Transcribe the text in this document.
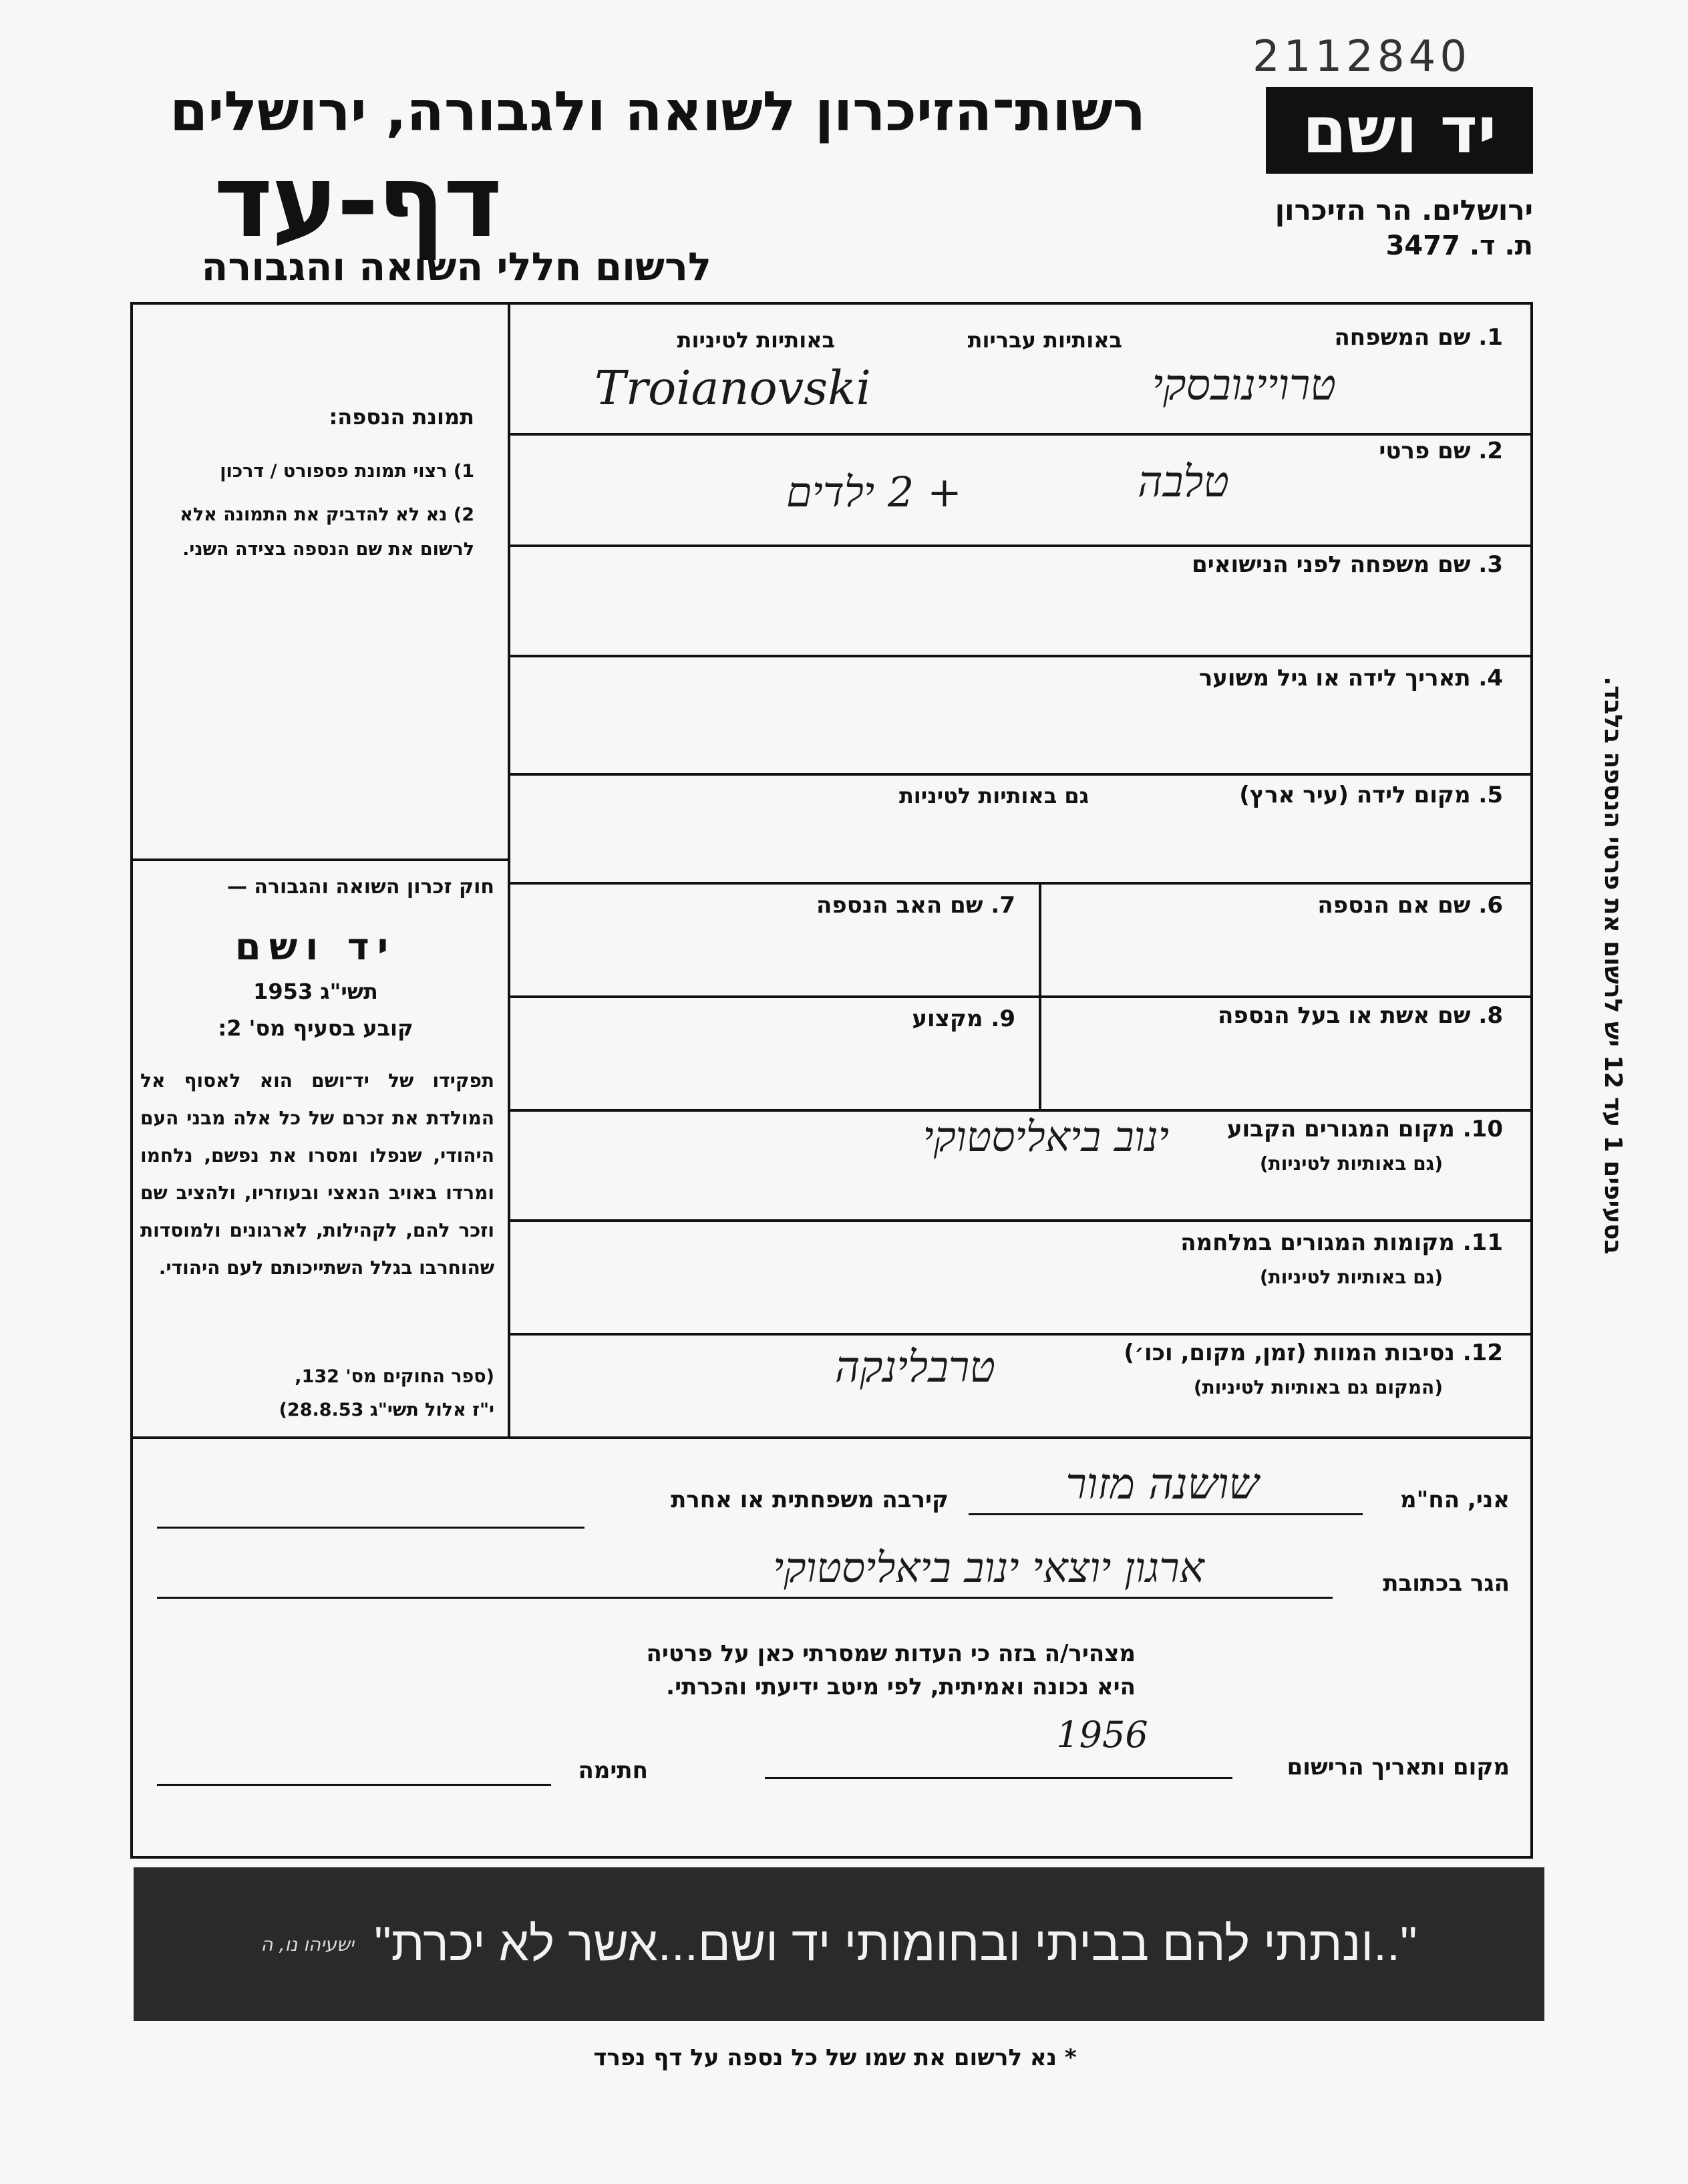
2112840
יד ושם
רשות־הזיכרון לשואה ולגבורה, ירושלים
דף-עד
לרשום חללי השואה והגבורה
ירושלים. הר הזיכרון
ת. ד. 3477
תמונת הנספה:
1) רצוי תמונת פספורט / דרכון
2) נא לא להדביק את התמונה אלא לרשום את שם הנספה בצידה השני.
חוק זכרון השואה והגבורה —
יד ושם
תשי"ג 1953
קובע בסעיף מס' 2:
תפקידו של יד־ושם הוא לאסוף אל המולדת את זכרם של כל אלה מבני העם היהודי, שנפלו ומסרו את נפשם, נלחמו ומרדו באויב הנאצי ובעוזריו, ולהציב שם וזכר להם, לקהילות, לארגונים ולמוסדות שהוחרבו בגלל השתייכותם לעם היהודי.
(ספר החוקים מס' 132,
י"ז אלול תשי"ג 28.8.53)
1. שם המשפחה
באותיות עבריות
באותיות לטיניות
טרויינובסקי
Troianovski
2. שם פרטי
טלבה
+ 2 ילדים
3. שם משפחה לפני הנישואים
4. תאריך לידה או גיל משוער
5. מקום לידה (עיר ארץ)
גם באותיות לטיניות
6. שם אם הנספה
7. שם האב הנספה
8. שם אשת או בעל הנספה
9. מקצוע
10. מקום המגורים הקבוע
(גם באותיות לטיניות)
ינוב ביאליסטוקי
11. מקומות המגורים במלחמה
(גם באותיות לטיניות)
12. נסיבות המוות (זמן, מקום, וכו׳)
(המקום גם באותיות לטיניות)
טרבלינקה
בסעיפים 1 עד 12 יש לרשום את פרטי הנספה בלבד.
אני, הח"מ
שושנה מזור
קירבה משפחתית או אחרת
הגר בכתובת
ארגון יוצאי ינוב ביאליסטוקי
מצהיר/ה בזה כי העדות שמסרתי כאן על פרטיה
היא נכונה ואמיתית, לפי מיטב ידיעתי והכרתי.
מקום ותאריך הרישום
1956
חתימה
"..ונתתי להם בביתי ובחומותי יד ושם...אשר לא יכרת"
ישעיהו נו, ה
* נא לרשום את שמו של כל נספה על דף נפרד
